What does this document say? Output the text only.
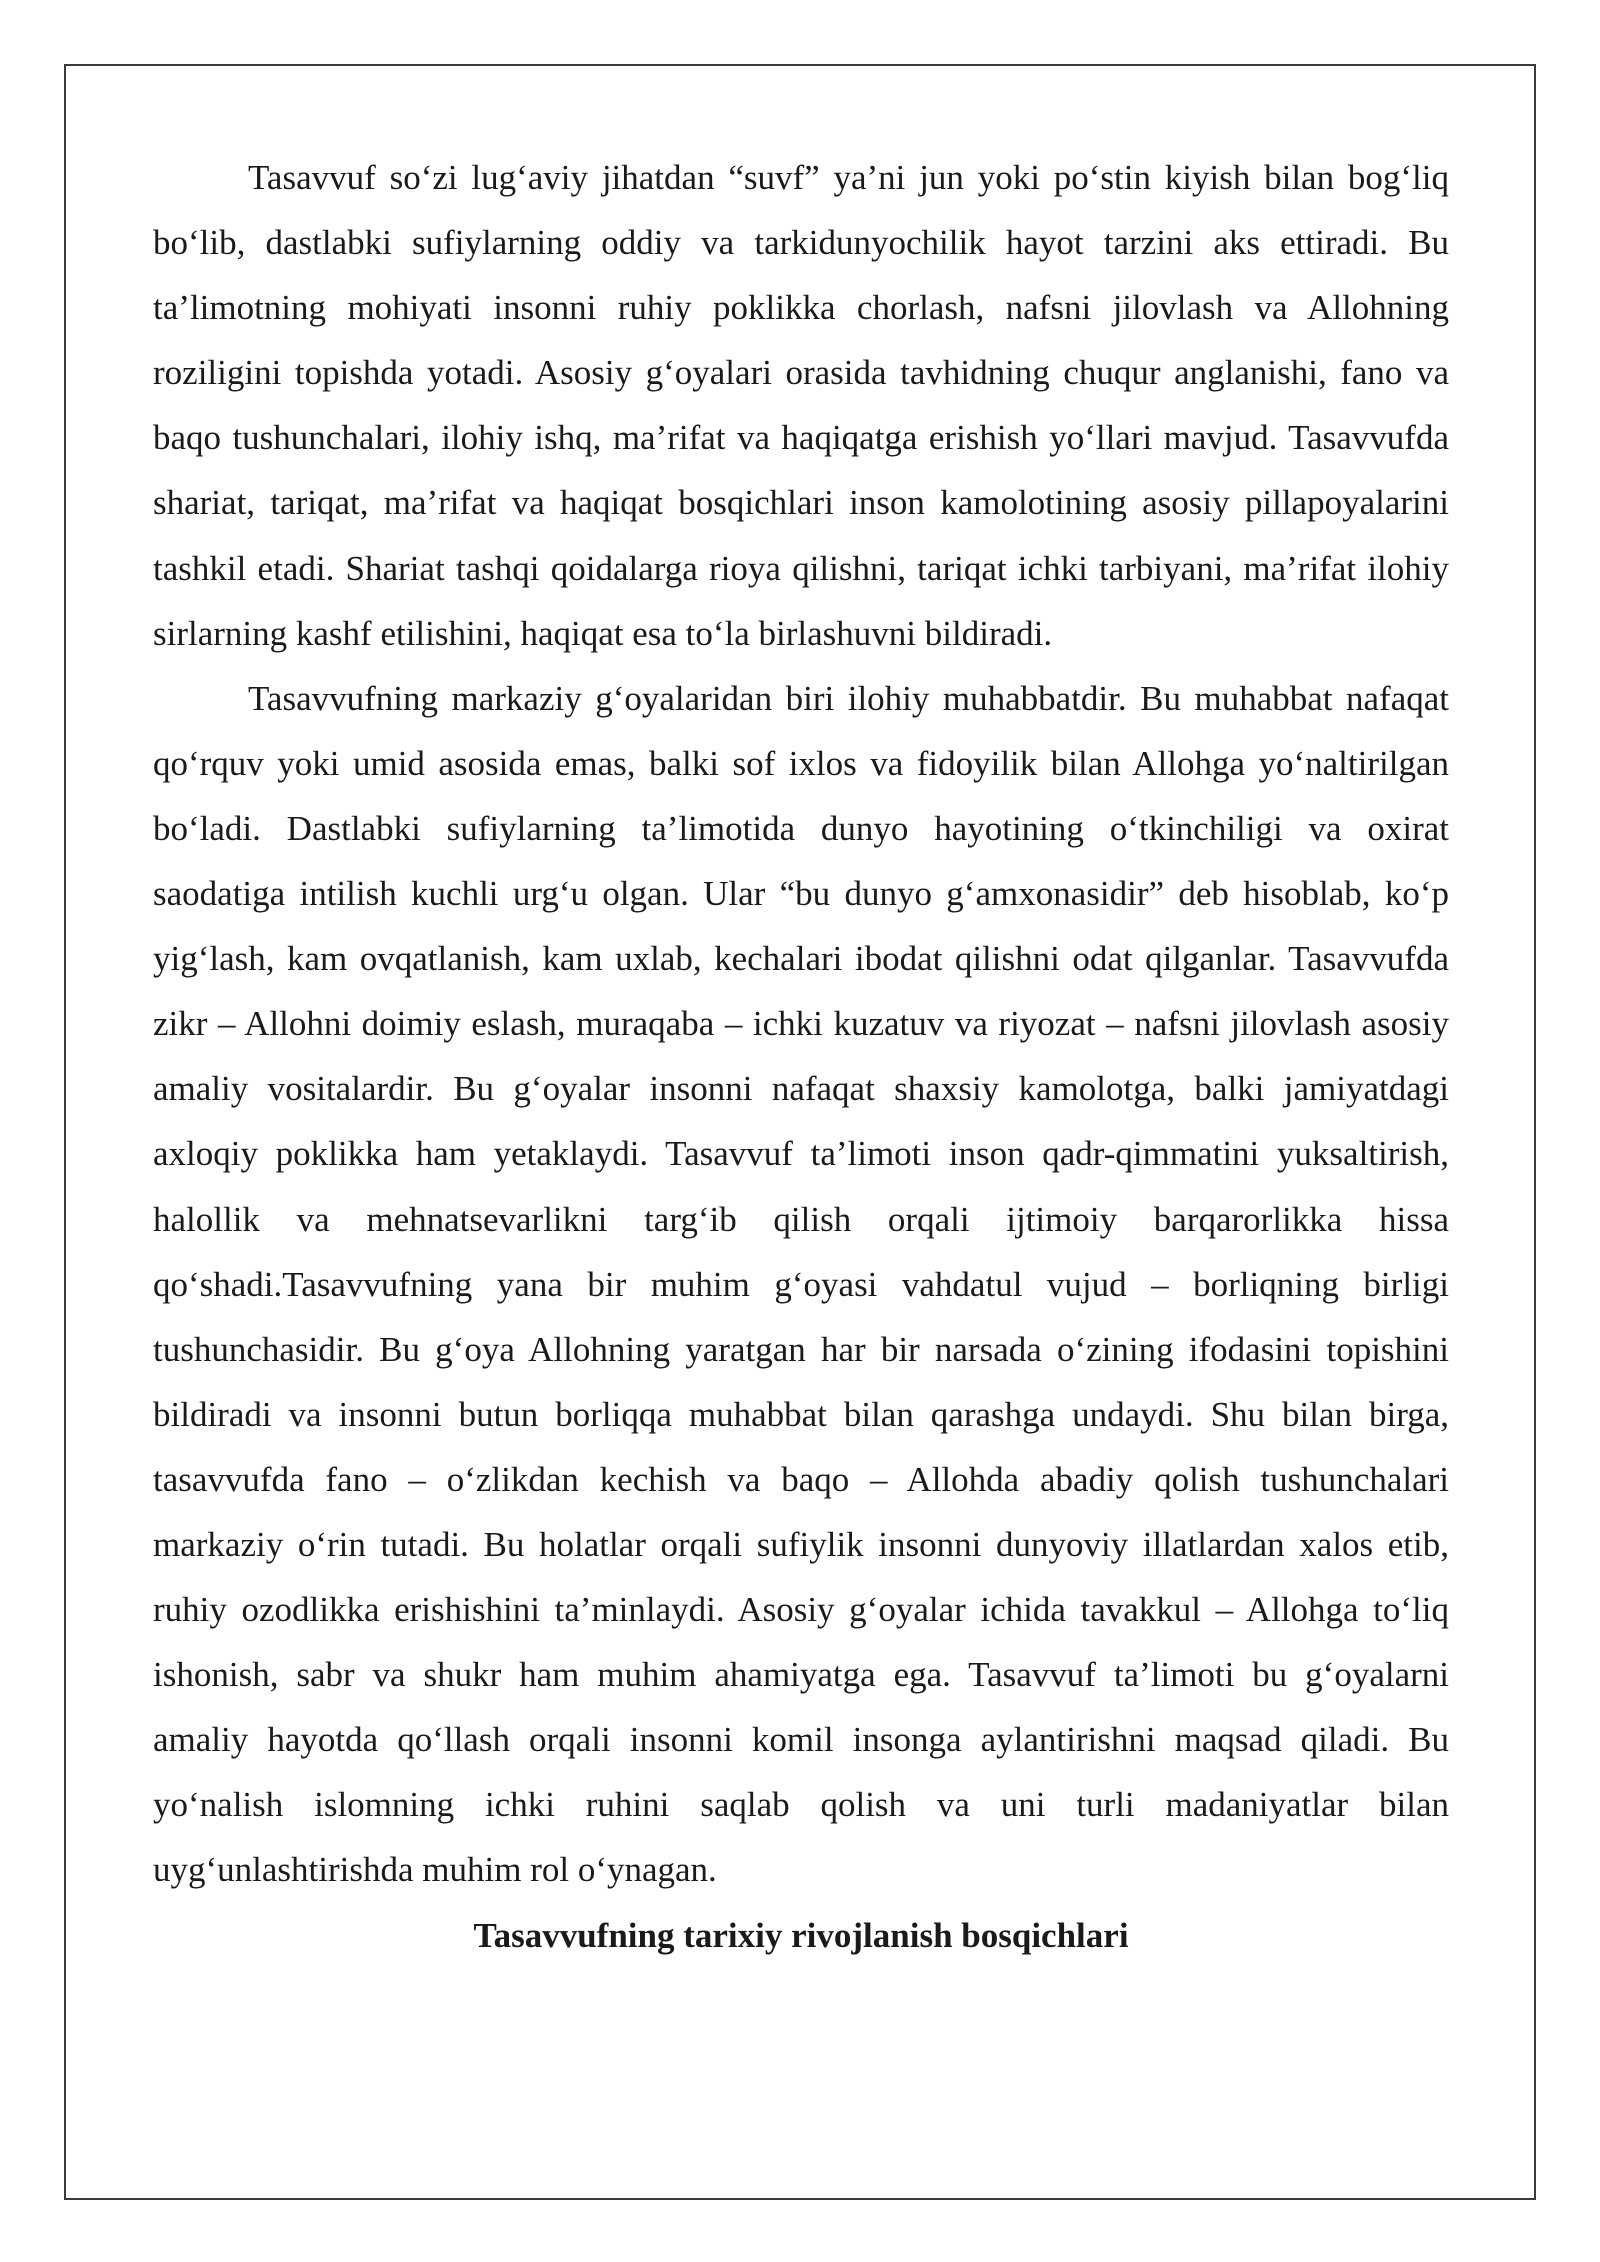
Tasavvuf so‘zi lug‘aviy jihatdan “suvf” ya’ni jun yoki po‘stin kiyish bilan bog‘liq bo‘lib, dastlabki sufiylarning oddiy va tarkidunyochilik hayot tarzini aks ettiradi. Bu ta’limotning mohiyati insonni ruhiy poklikka chorlash, nafsni jilovlash va Allohning roziligini topishda yotadi. Asosiy g‘oyalari orasida tavhidning chuqur anglanishi, fano va baqo tushunchalari, ilohiy ishq, ma’rifat va haqiqatga erishish yo‘llari mavjud. Tasavvufda shariat, tariqat, ma’rifat va haqiqat bosqichlari inson kamolotining asosiy pillapoyalarini tashkil etadi. Shariat tashqi qoidalarga rioya qilishni, tariqat ichki tarbiyani, ma’rifat ilohiy sirlarning kashf etilishini, haqiqat esa to‘la birlashuvni bildiradi.

Tasavvufning markaziy g‘oyalaridan biri ilohiy muhabbatdir. Bu muhabbat nafaqat qo‘rquv yoki umid asosida emas, balki sof ixlos va fidoyilik bilan Allohga yo‘naltirilgan bo‘ladi. Dastlabki sufiylarning ta’limotida dunyo hayotining o‘tkinchiligi va oxirat saodatiga intilish kuchli urg‘u olgan. Ular “bu dunyo g‘amxonasidir” deb hisoblab, ko‘p yig‘lash, kam ovqatlanish, kam uxlab, kechalari ibodat qilishni odat qilganlar. Tasavvufda zikr – Allohni doimiy eslash, muraqaba – ichki kuzatuv va riyozat – nafsni jilovlash asosiy amaliy vositalardir. Bu g‘oyalar insonni nafaqat shaxsiy kamolotga, balki jamiyatdagi axloqiy poklikka ham yetaklaydi. Tasavvuf ta’limoti inson qadr-qimmatini yuksaltirish, halollik va mehnatsevarlikni targ‘ib qilish orqali ijtimoiy barqarorlikka hissa qo‘shadi.Tasavvufning yana bir muhim g‘oyasi vahdatul vujud – borliqning birligi tushunchasidir. Bu g‘oya Allohning yaratgan har bir narsada o‘zining ifodasini topishini bildiradi va insonni butun borliqqa muhabbat bilan qarashga undaydi. Shu bilan birga, tasavvufda fano – o‘zlikdan kechish va baqo – Allohda abadiy qolish tushunchalari markaziy o‘rin tutadi. Bu holatlar orqali sufiylik insonni dunyoviy illatlardan xalos etib, ruhiy ozodlikka erishishini ta’minlaydi. Asosiy g‘oyalar ichida tavakkul – Allohga to‘liq ishonish, sabr va shukr ham muhim ahamiyatga ega. Tasavvuf ta’limoti bu g‘oyalarni amaliy hayotda qo‘llash orqali insonni komil insonga aylantirishni maqsad qiladi. Bu yo‘nalish islomning ichki ruhini saqlab qolish va uni turli madaniyatlar bilan uyg‘unlashtirishda muhim rol o‘ynagan.

Tasavvufning tarixiy rivojlanish bosqichlari
